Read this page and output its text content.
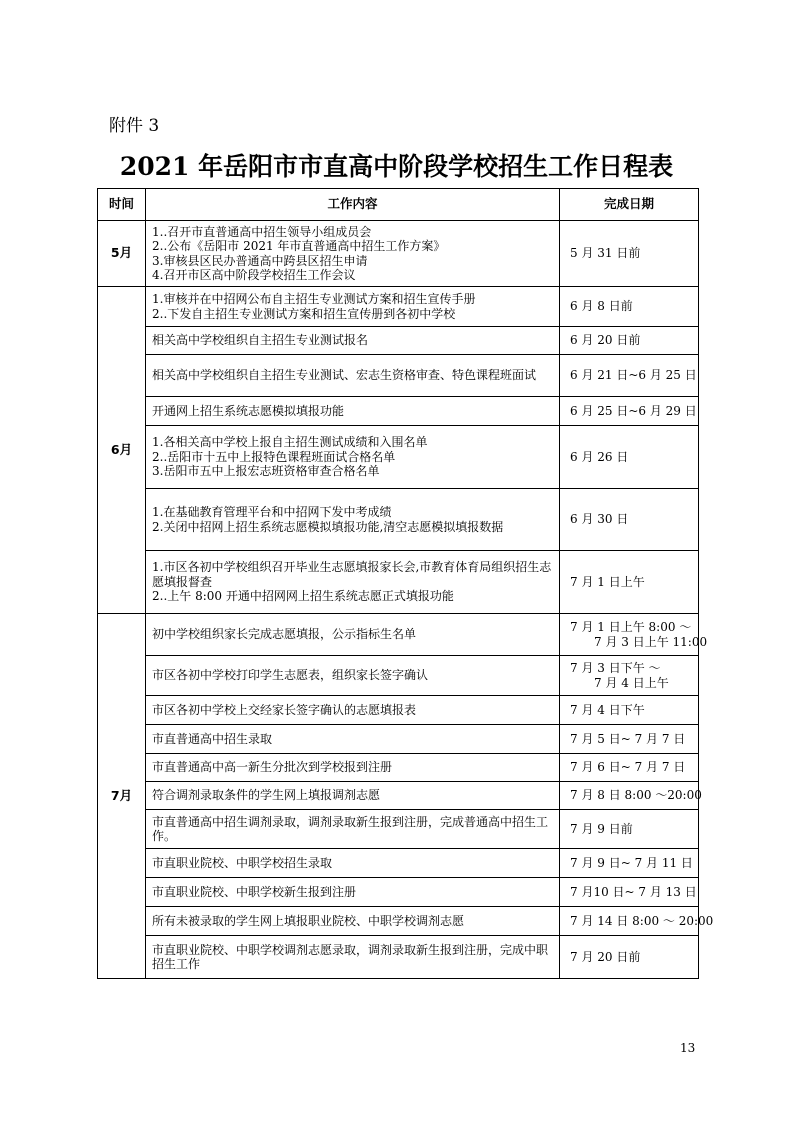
附件 3
2021 年岳阳市市直高中阶段学校招生工作日程表
时间	工作内容	完成日期
5月	1..召开市直普通高中招生领导小组成员会
2..公布《岳阳市 2021 年市直普通高中招生工作方案》
3.审核县区民办普通高中跨县区招生申请
4.召开市区高中阶段学校招生工作会议	5 月 31 日前

6月	1.审核并在中招网公布自主招生专业测试方案和招生宣传手册
2..下发自主招生专业测试方案和招生宣传册到各初中学校	6 月 8 日前

	相关高中学校组织自主招生专业测试报名	6 月 20 日前

	相关高中学校组织自主招生专业测试、宏志生资格审查、特色课程班面试	6 月 21 日~6 月 25 日

	开通网上招生系统志愿模拟填报功能	6 月 25 日~6 月 29 日

	1.各相关高中学校上报自主招生测试成绩和入围名单
2..岳阳市十五中上报特色课程班面试合格名单
3.岳阳市五中上报宏志班资格审查合格名单	6 月 26 日

	1.在基础教育管理平台和中招网下发中考成绩
2.关闭中招网上招生系统志愿模拟填报功能,清空志愿模拟填报数据	6 月 30 日

	1.市区各初中学校组织召开毕业生志愿填报家长会,市教育体育局组织招生志愿填报督查
2..上午 8:00 开通中招网网上招生系统志愿正式填报功能	7 月 1 日上午

7月	初中学校组织家长完成志愿填报，公示指标生名单	7 月 1 日上午 8:00 ～
7 月 3 日上午 11:00

	市区各初中学校打印学生志愿表，组织家长签字确认	7 月 3 日下午 ～
7 月 4 日上午

	市区各初中学校上交经家长签字确认的志愿填报表	7 月 4 日下午

	市直普通高中招生录取	7 月 5 日~ 7 月 7 日

	市直普通高中高一新生分批次到学校报到注册	7 月 6 日~ 7 月 7 日

	符合调剂录取条件的学生网上填报调剂志愿	7 月 8 日 8:00 ～20:00

	市直普通高中招生调剂录取，调剂录取新生报到注册，完成普通高中招生工作。	7 月 9 日前

	市直职业院校、中职学校招生录取	7 月 9 日~ 7 月 11 日

	市直职业院校、中职学校新生报到注册	7 月10 日~ 7 月 13 日

	所有未被录取的学生网上填报职业院校、中职学校调剂志愿	7 月 14 日 8:00 ～ 20:00

	市直职业院校、中职学校调剂志愿录取，调剂录取新生报到注册，完成中职招生工作	7 月 20 日前
13
